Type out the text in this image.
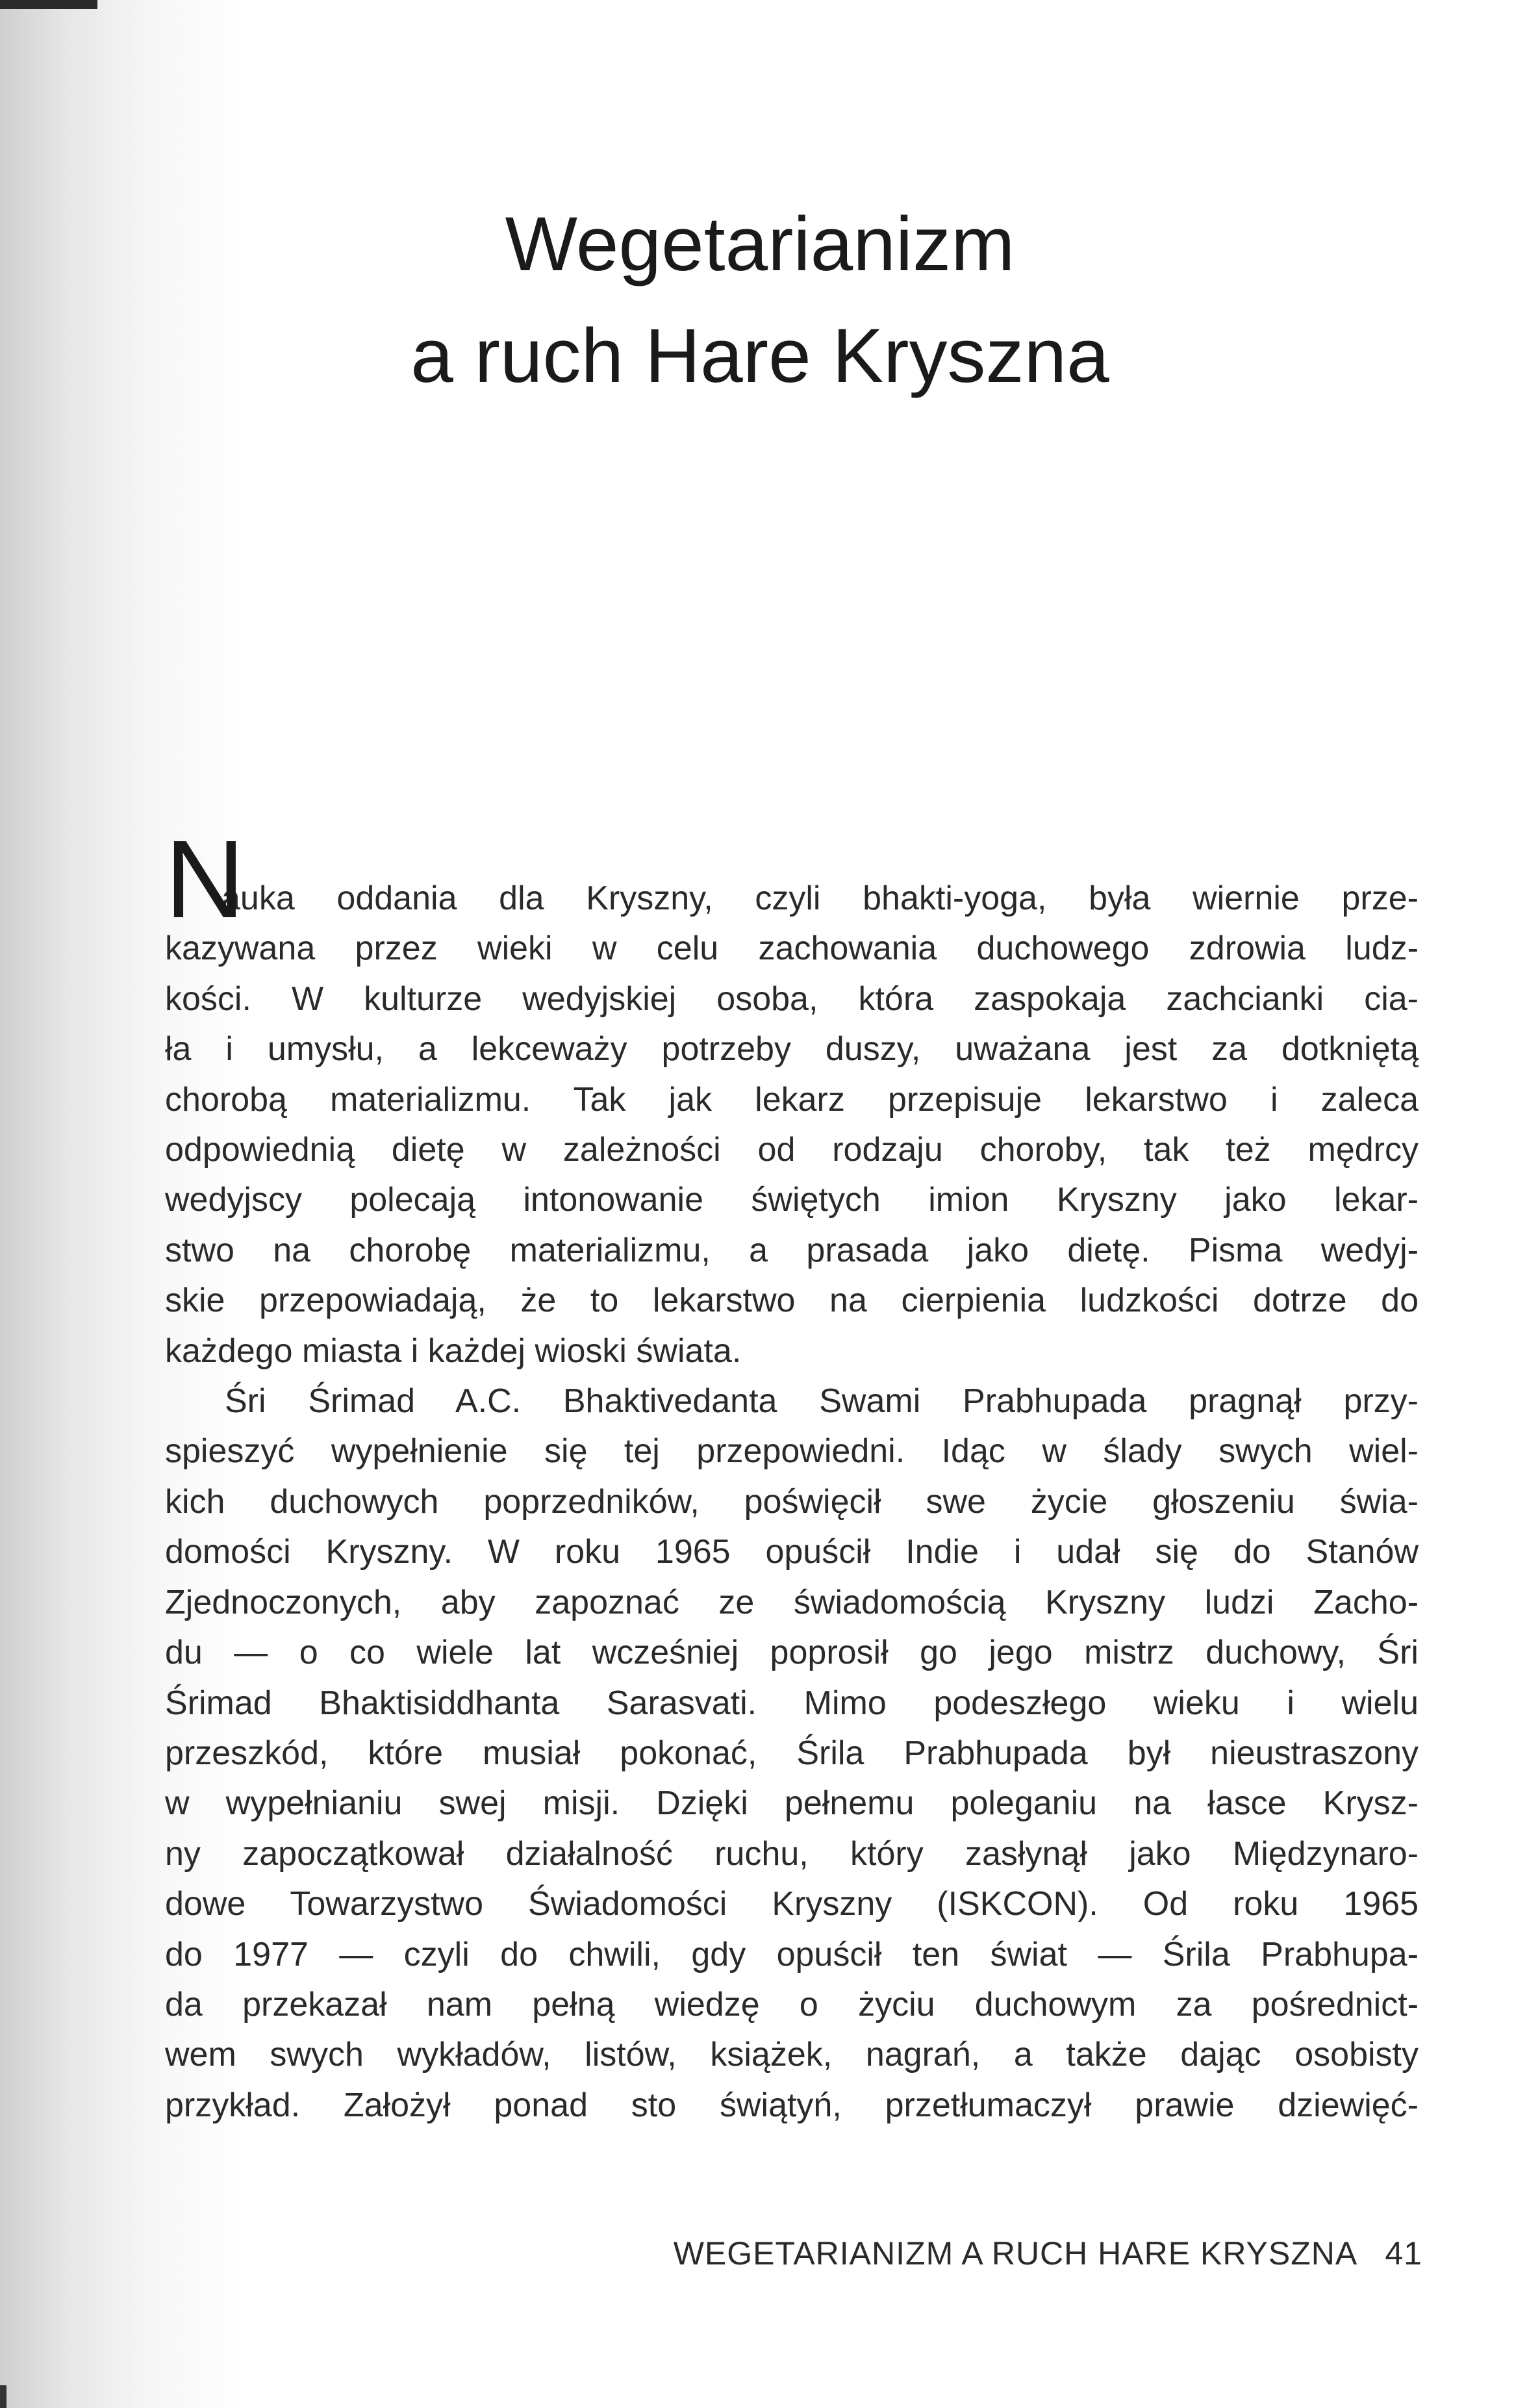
Wegetarianizm
a ruch Hare Kryszna
N
auka oddania dla Kryszny, czyli bhakti-yoga, była wiernie prze-
kazywana przez wieki w celu zachowania duchowego zdrowia ludz-
kości. W kulturze wedyjskiej osoba, która zaspokaja zachcianki cia-
ła i umysłu, a lekceważy potrzeby duszy, uważana jest za dotkniętą
chorobą materializmu. Tak jak lekarz przepisuje lekarstwo i zaleca
odpowiednią dietę w zależności od rodzaju choroby, tak też mędrcy
wedyjscy polecają intonowanie świętych imion Kryszny jako lekar-
stwo na chorobę materializmu, a prasada jako dietę. Pisma wedyj-
skie przepowiadają, że to lekarstwo na cierpienia ludzkości dotrze do
każdego miasta i każdej wioski świata.
Śri Śrimad A.C. Bhaktivedanta Swami Prabhupada pragnął przy-
spieszyć wypełnienie się tej przepowiedni. Idąc w ślady swych wiel-
kich duchowych poprzedników, poświęcił swe życie głoszeniu świa-
domości Kryszny. W roku 1965 opuścił Indie i udał się do Stanów
Zjednoczonych, aby zapoznać ze świadomością Kryszny ludzi Zacho-
du — o co wiele lat wcześniej poprosił go jego mistrz duchowy, Śri
Śrimad Bhaktisiddhanta Sarasvati. Mimo podeszłego wieku i wielu
przeszkód, które musiał pokonać, Śrila Prabhupada był nieustraszony
w wypełnianiu swej misji. Dzięki pełnemu poleganiu na łasce Krysz-
ny zapoczątkował działalność ruchu, który zasłynął jako Międzynaro-
dowe Towarzystwo Świadomości Kryszny (ISKCON). Od roku 1965
do 1977 — czyli do chwili, gdy opuścił ten świat — Śrila Prabhupa-
da przekazał nam pełną wiedzę o życiu duchowym za pośrednict-
wem swych wykładów, listów, książek, nagrań, a także dając osobisty
przykład. Założył ponad sto świątyń, przetłumaczył prawie dziewięć-
WEGETARIANIZM A RUCH HARE KRYSZNA 41
